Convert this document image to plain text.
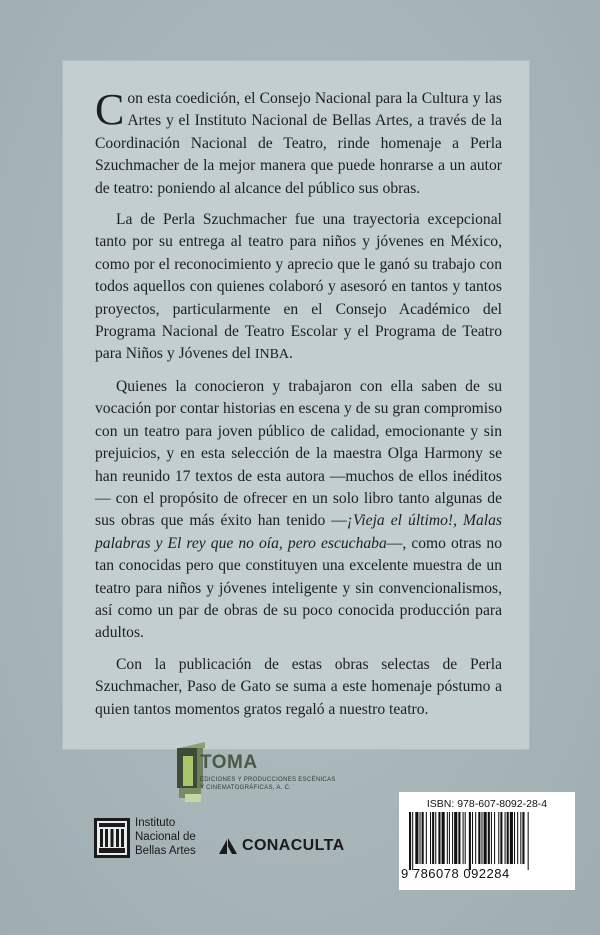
Con esta coedición, el Consejo Nacional para la Cultura y las Artes y el Instituto Nacional de Bellas Artes, a través de la Coordinación Nacional de Teatro, rinde homenaje a Perla Szuchmacher de la mejor manera que puede honrarse a un autor de teatro: poniendo al alcance del público sus obras.

La de Perla Szuchmacher fue una trayectoria excepcional tanto por su entrega al teatro para niños y jóvenes en México, como por el reconocimiento y aprecio que le ganó su trabajo con todos aquellos con quienes colaboró y asesoró en tantos y tantos proyectos, particularmente en el Consejo Académico del Programa Nacional de Teatro Escolar y el Programa de Teatro para Niños y Jóvenes del INBA.

Quienes la conocieron y trabajaron con ella saben de su vocación por contar historias en escena y de su gran compromiso con un teatro para joven público de calidad, emocionante y sin prejuicios, y en esta selección de la maestra Olga Harmony se han reunido 17 textos de esta autora —muchos de ellos inéditos— con el propósito de ofrecer en un solo libro tanto algunas de sus obras que más éxito han tenido —¡Vieja el último!, Malas palabras y El rey que no oía, pero escuchaba—, como otras no tan conocidas pero que constituyen una excelente muestra de un teatro para niños y jóvenes inteligente y sin convencionalismos, así como un par de obras de su poco conocida producción para adultos.

Con la publicación de estas obras selectas de Perla Szuchmacher, Paso de Gato se suma a este homenaje póstumo a quien tantos momentos gratos regaló a nuestro teatro.

TOMA
EDICIONES Y PRODUCCIONES ESCÉNICAS Y CINEMATOGRÁFICAS, A. C.
Instituto
Nacional de
Bellas Artes	CONACULTA
ISBN: 978-607-8092-28-4
9 786078 092284
